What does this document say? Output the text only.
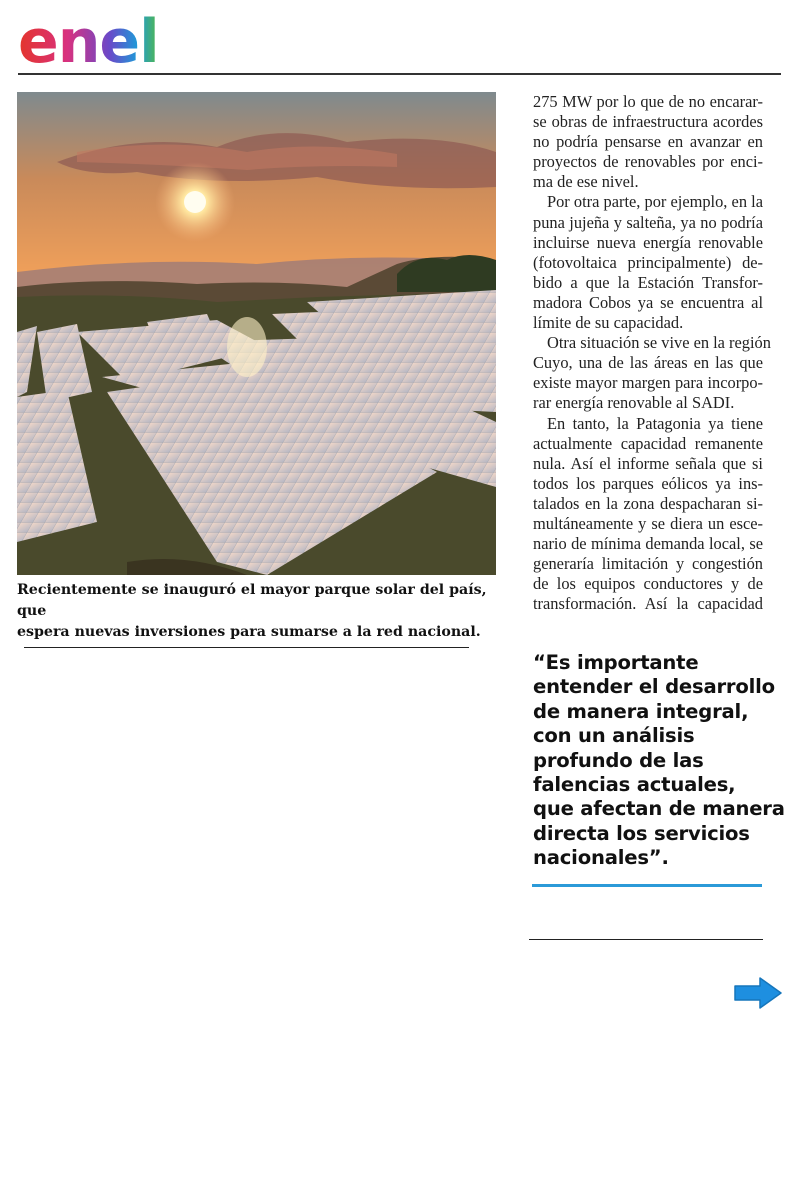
enel
Recientemente se inauguró el mayor parque solar del país, que
espera nuevas inversiones para sumarse a la red nacional.
275 MW por lo que de no encarar-
se obras de infraestructura acordes
no podría pensarse en avanzar en
proyectos de renovables por enci-
ma de ese nivel.
Por otra parte, por ejemplo, en la
puna jujeña y salteña, ya no podría
incluirse nueva energía renovable
(fotovoltaica principalmente) de-
bido a que la Estación Transfor-
madora Cobos ya se encuentra al
límite de su capacidad.
Otra situación se vive en la región
Cuyo, una de las áreas en las que
existe mayor margen para incorpo-
rar energía renovable al SADI.
En tanto, la Patagonia ya tiene
actualmente capacidad remanente
nula. Así el informe señala que si
todos los parques eólicos ya ins-
talados en la zona despacharan si-
multáneamente y se diera un esce-
nario de mínima demanda local, se
generaría limitación y congestión
de los equipos conductores y de
transformación. Así la capacidad
“Es importante
entender el desarrollo
de manera integral,
con un análisis
profundo de las
falencias actuales,
que afectan de manera
directa los servicios
nacionales”.
